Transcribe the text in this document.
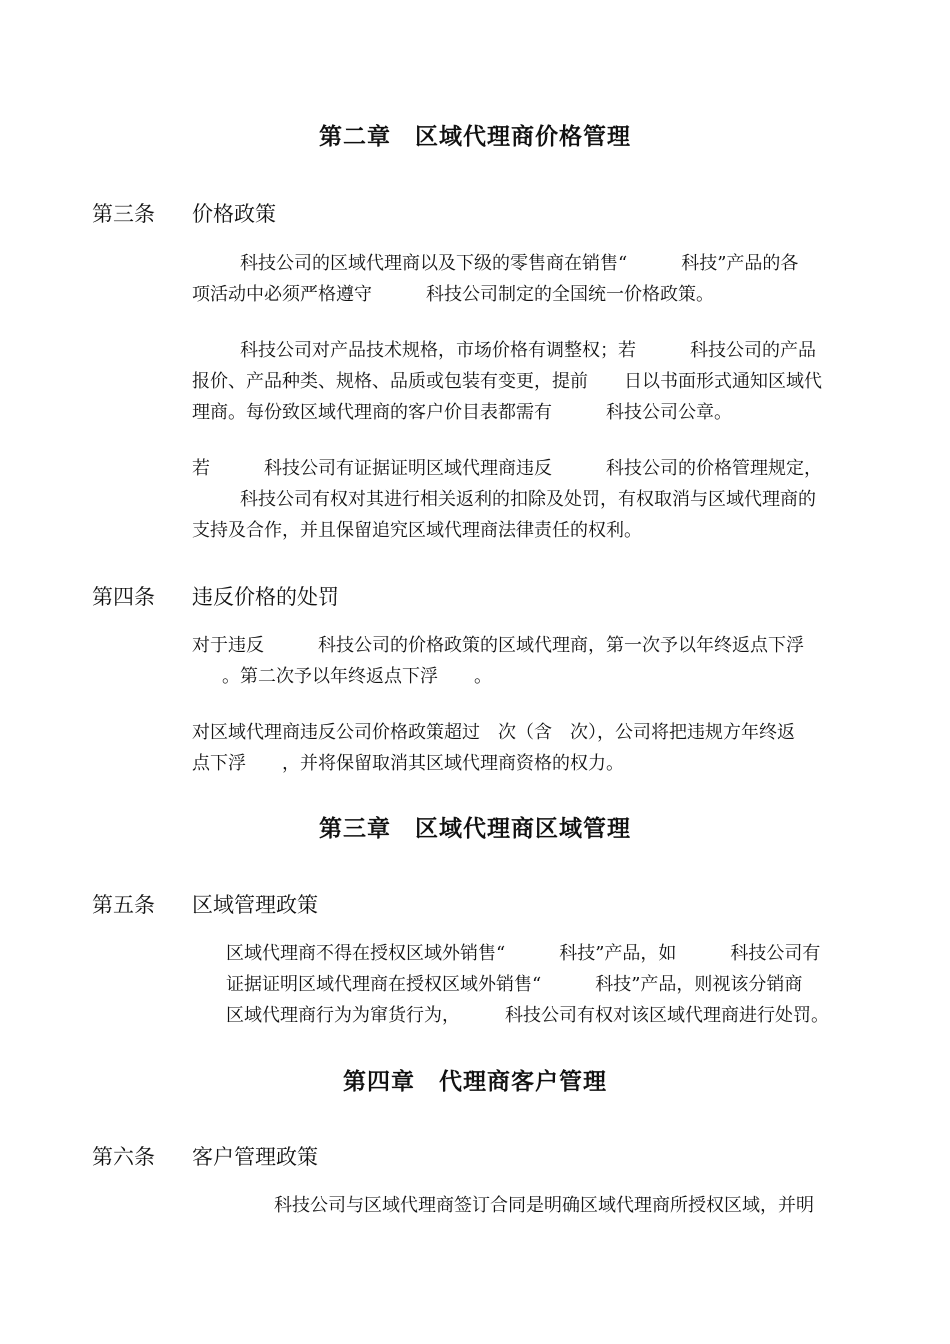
第二章　区域代理商价格管理
第三条 价格政策
科技公司的区域代理商以及下级的零售商在销售“　　　科技”产品的各
项活动中必须严格遵守　　　科技公司制定的全国统一价格政策。
科技公司对产品技术规格，市场价格有调整权；若　　　科技公司的产品
报价、产品种类、规格、品质或包装有变更，提前　　日以书面形式通知区域代
理商。每份致区域代理商的客户价目表都需有　　　科技公司公章。
若　　　科技公司有证据证明区域代理商违反　　　科技公司的价格管理规定，
科技公司有权对其进行相关返利的扣除及处罚，有权取消与区域代理商的
支持及合作，并且保留追究区域代理商法律责任的权利。
第四条 违反价格的处罚
对于违反　　　科技公司的价格政策的区域代理商，第一次予以年终返点下浮
。第二次予以年终返点下浮　　。
对区域代理商违反公司价格政策超过　次（含　次），公司将把违规方年终返
点下浮　　，并将保留取消其区域代理商资格的权力。
第三章　区域代理商区域管理
第五条 区域管理政策
区域代理商不得在授权区域外销售“　　　科技”产品，如　　　科技公司有
证据证明区域代理商在授权区域外销售“　　　科技”产品，则视该分销商
区域代理商行为为窜货行为，　　　科技公司有权对该区域代理商进行处罚。
第四章　代理商客户管理
第六条 客户管理政策
科技公司与区域代理商签订合同是明确区域代理商所授权区域，并明
